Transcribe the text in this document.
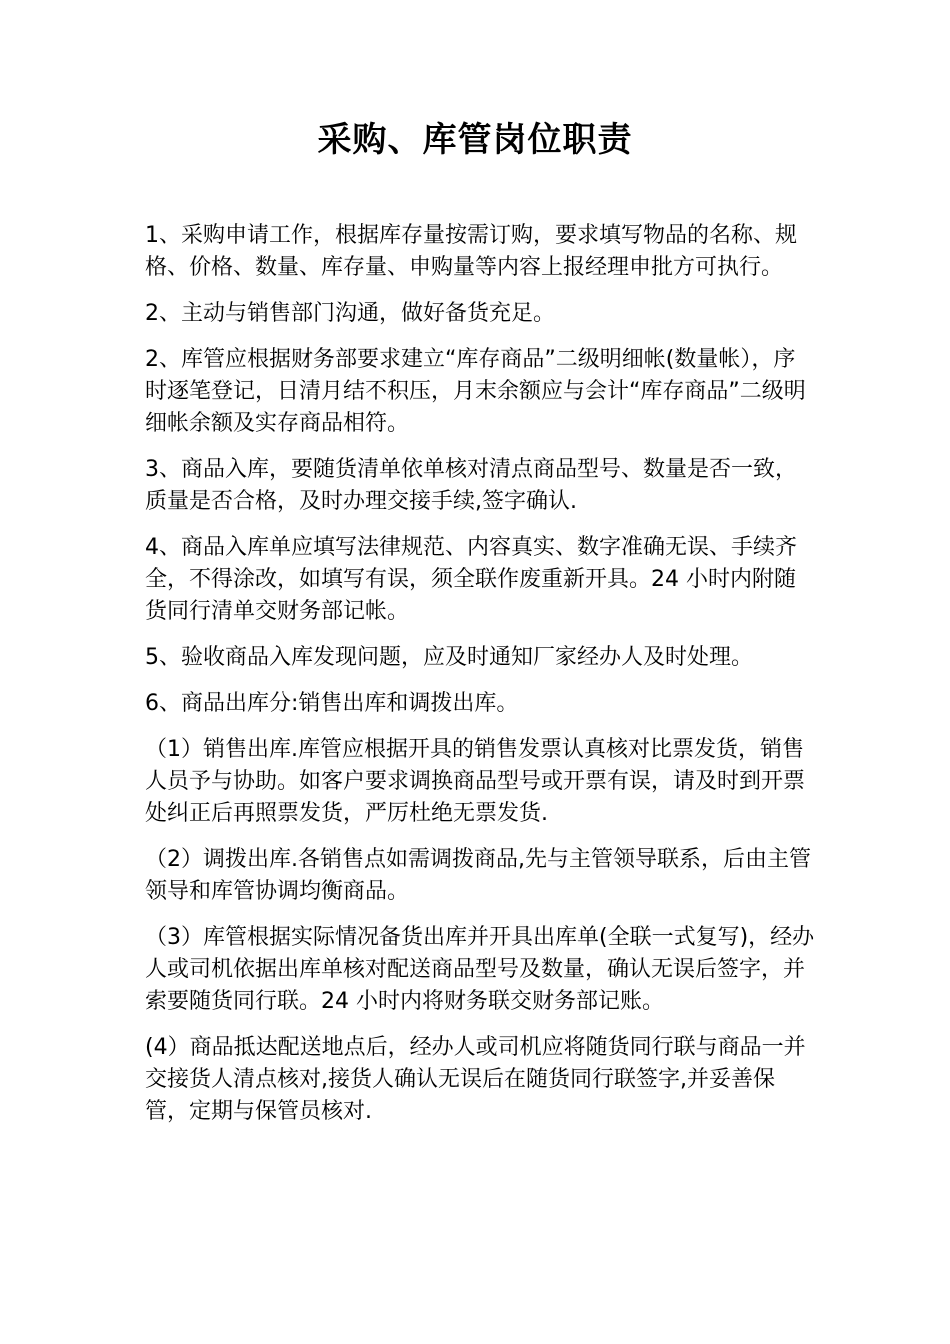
采购、库管岗位职责

1、采购申请工作，根据库存量按需订购，要求填写物品的名称、规格、价格、数量、库存量、申购量等内容上报经理申批方可执行。

2、主动与销售部门沟通，做好备货充足。

2、库管应根据财务部要求建立“库存商品”二级明细帐(数量帐），序时逐笔登记，日清月结不积压，月末余额应与会计“库存商品”二级明细帐余额及实存商品相符。

3、商品入库，要随货清单依单核对清点商品型号、数量是否一致，质量是否合格，及时办理交接手续,签字确认.

4、商品入库单应填写法律规范、内容真实、数字准确无误、手续齐全，不得涂改，如填写有误，须全联作废重新开具。24 小时内附随货同行清单交财务部记帐。

5、验收商品入库发现问题，应及时通知厂家经办人及时处理。

6、商品出库分:销售出库和调拨出库。

（1）销售出库.库管应根据开具的销售发票认真核对比票发货，销售人员予与协助。如客户要求调换商品型号或开票有误，请及时到开票处纠正后再照票发货，严厉杜绝无票发货.

（2）调拨出库.各销售点如需调拨商品,先与主管领导联系，后由主管领导和库管协调均衡商品。

（3）库管根据实际情况备货出库并开具出库单(全联一式复写)，经办人或司机依据出库单核对配送商品型号及数量，确认无误后签字，并索要随货同行联。24 小时内将财务联交财务部记账。

(4）商品抵达配送地点后，经办人或司机应将随货同行联与商品一并交接货人清点核对,接货人确认无误后在随货同行联签字,并妥善保管，定期与保管员核对.
